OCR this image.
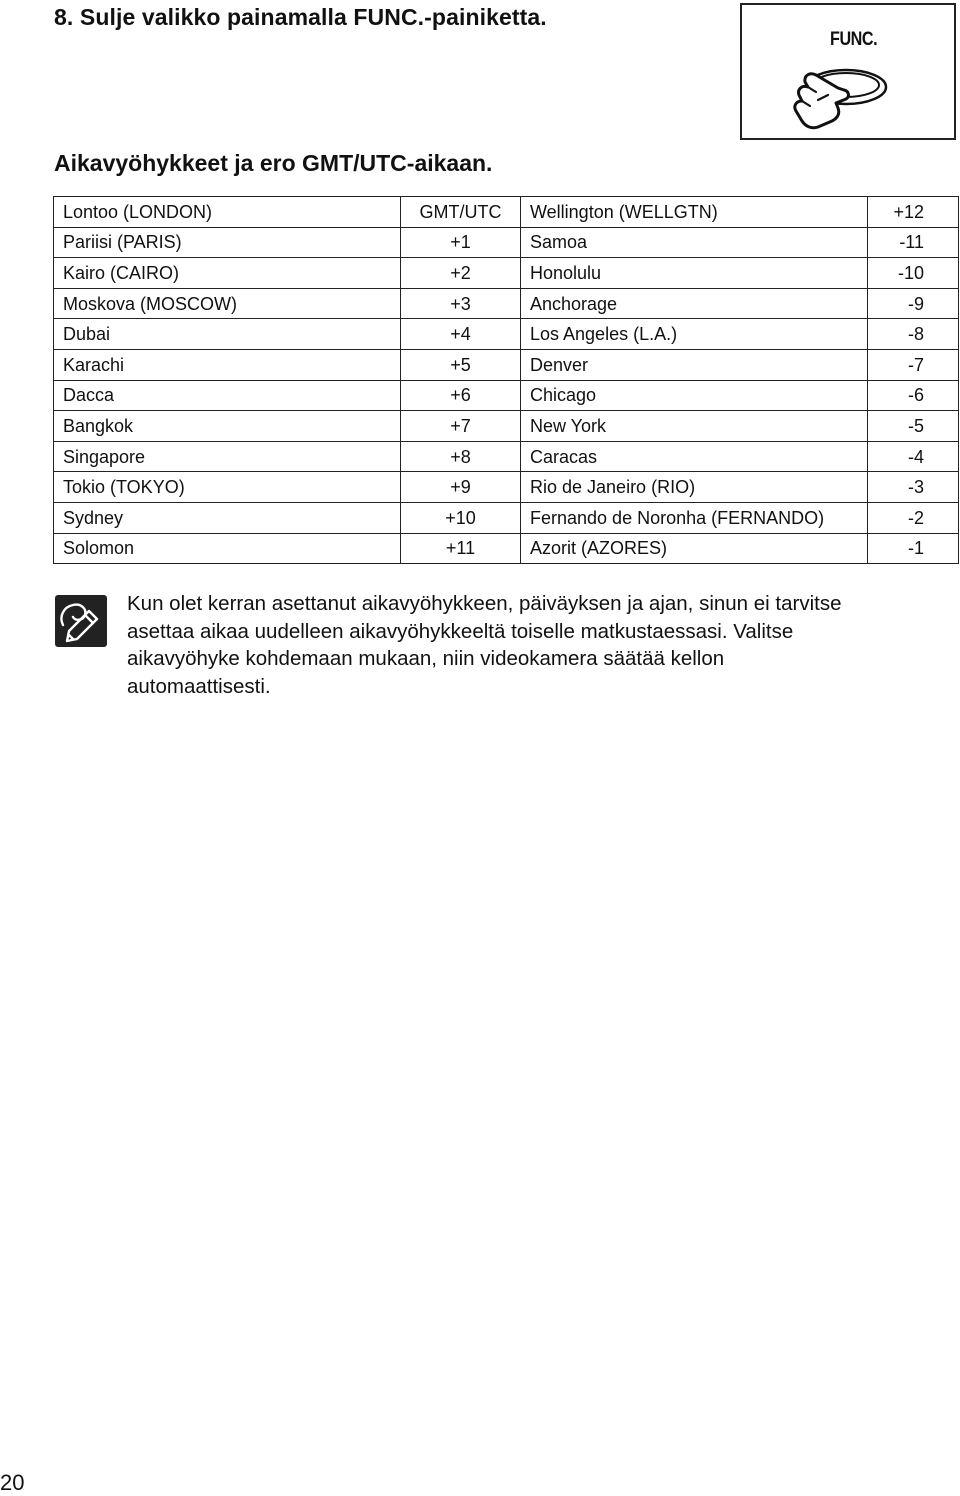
8. Sulje valikko painamalla FUNC.-painiketta.
FUNC.
Aikavyöhykkeet ja ero GMT/UTC-aikaan.
Lontoo (LONDON)	GMT/UTC	Wellington (WELLGTN)	+12
Pariisi (PARIS)	+1	Samoa	-11
Kairo (CAIRO)	+2	Honolulu	-10
Moskova (MOSCOW)	+3	Anchorage	-9
Dubai	+4	Los Angeles (L.A.)	-8
Karachi	+5	Denver	-7
Dacca	+6	Chicago	-6
Bangkok	+7	New York	-5
Singapore	+8	Caracas	-4
Tokio (TOKYO)	+9	Rio de Janeiro (RIO)	-3
Sydney	+10	Fernando de Noronha (FERNANDO)	-2
Solomon	+11	Azorit (AZORES)	-1
Kun olet kerran asettanut aikavyöhykkeen, päiväyksen ja ajan, sinun ei tarvitse
asettaa aikaa uudelleen aikavyöhykkeeltä toiselle matkustaessasi. Valitse
aikavyöhyke kohdemaan mukaan, niin videokamera säätää kellon
automaattisesti.
20
